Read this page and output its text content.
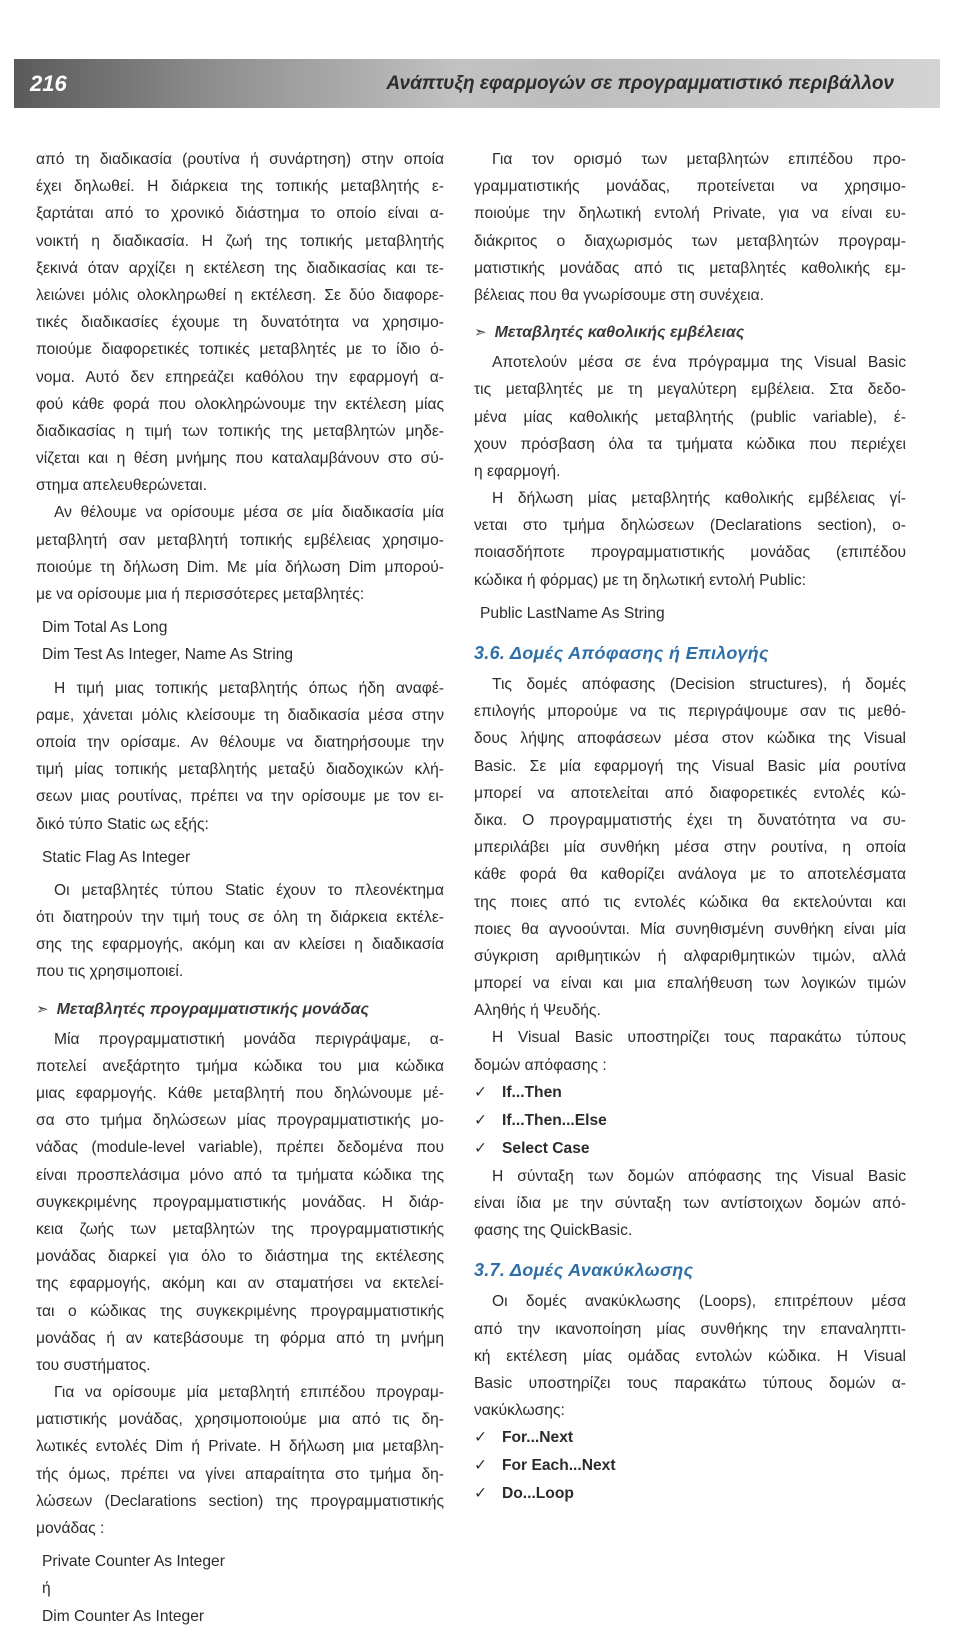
216	Ανάπτυξη εφαρμογών σε προγραμματιστικό περιβάλλον
από τη διαδικασία (ρουτίνα ή συνάρτηση) στην οποία
έχει δηλωθεί. Η διάρκεια της τοπικής μεταβλητής ε-
ξαρτάται από το χρονικό διάστημα το οποίο είναι α-
νοικτή η διαδικασία. Η ζωή της τοπικής μεταβλητής
ξεκινά όταν αρχίζει η εκτέλεση της διαδικασίας και τε-
λειώνει μόλις ολοκληρωθεί η εκτέλεση. Σε δύο διαφορε-
τικές διαδικασίες έχουμε τη δυνατότητα να χρησιμο-
ποιούμε διαφορετικές τοπικές μεταβλητές με το ίδιο ό-
νομα. Αυτό δεν επηρεάζει καθόλου την εφαρμογή α-
φού κάθε φορά που ολοκληρώνουμε την εκτέλεση μίας
διαδικασίας η τιμή των τοπικής της μεταβλητών μηδε-
νίζεται και η θέση μνήμης που καταλαμβάνουν στο σύ-
στημα απελευθερώνεται.
Αν θέλουμε να ορίσουμε μέσα σε μία διαδικασία μία
μεταβλητή σαν μεταβλητή τοπικής εμβέλειας χρησιμο-
ποιούμε τη δήλωση Dim. Με μία δήλωση Dim μπορού-
με να ορίσουμε μια ή περισσότερες μεταβλητές:
Dim Total As Long
Dim Test As Integer, Name As String
Η τιμή μιας τοπικής μεταβλητής όπως ήδη αναφέ-
ραμε, χάνεται μόλις κλείσουμε τη διαδικασία μέσα στην
οποία την ορίσαμε. Αν θέλουμε να διατηρήσουμε την
τιμή μίας τοπικής μεταβλητής μεταξύ διαδοχικών κλή-
σεων μιας ρουτίνας, πρέπει να την ορίσουμε με τον ει-
δικό τύπο Static ως εξής:
Static Flag As Integer
Οι μεταβλητές τύπου Static έχουν το πλεονέκτημα
ότι διατηρούν την τιμή τους σε όλη τη διάρκεια εκτέλε-
σης της εφαρμογής, ακόμη και αν κλείσει η διαδικασία
που τις χρησιμοποιεί.
➣ Μεταβλητές προγραμματιστικής μονάδας
Μία προγραμματιστική μονάδα περιγράψαμε, α-
ποτελεί ανεξάρτητο τμήμα κώδικα του μια κώδικα
μιας εφαρμογής. Κάθε μεταβλητή που δηλώνουμε μέ-
σα στο τμήμα δηλώσεων μίας προγραμματιστικής μο-
νάδας (module-level variable), πρέπει δεδομένα που
είναι προσπελάσιμα μόνο από τα τμήματα κώδικα της
συγκεκριμένης προγραμματιστικής μονάδας. Η διάρ-
κεια ζωής των μεταβλητών της προγραμματιστικής
μονάδας διαρκεί για όλο το διάστημα της εκτέλεσης
της εφαρμογής, ακόμη και αν σταματήσει να εκτελεί-
ται ο κώδικας της συγκεκριμένης προγραμματιστικής
μονάδας ή αν κατεβάσουμε τη φόρμα από τη μνήμη
του συστήματος.
Για να ορίσουμε μία μεταβλητή επιπέδου προγραμ-
ματιστικής μονάδας, χρησιμοποιούμε μια από τις δη-
λωτικές εντολές Dim ή Private. Η δήλωση μια μεταβλη-
τής όμως, πρέπει να γίνει απαραίτητα στο τμήμα δη-
λώσεων (Declarations section) της προγραμματιστικής
μονάδας :
Private Counter As Integer
ή
Dim Counter As Integer
Για τον ορισμό των μεταβλητών επιπέδου προ-
γραμματιστικής μονάδας, προτείνεται να χρησιμο-
ποιούμε την δηλωτική εντολή Private, για να είναι ευ-
διάκριτος ο διαχωρισμός των μεταβλητών προγραμ-
ματιστικής μονάδας από τις μεταβλητές καθολικής εμ-
βέλειας που θα γνωρίσουμε στη συνέχεια.
➣ Μεταβλητές καθολικής εμβέλειας
Αποτελούν μέσα σε ένα πρόγραμμα της Visual Basic
τις μεταβλητές με τη μεγαλύτερη εμβέλεια. Στα δεδο-
μένα μίας καθολικής μεταβλητής (public variable), έ-
χουν πρόσβαση όλα τα τμήματα κώδικα που περιέχει
η εφαρμογή.
Η δήλωση μίας μεταβλητής καθολικής εμβέλειας γί-
νεται στο τμήμα δηλώσεων (Declarations section), ο-
ποιασδήποτε προγραμματιστικής μονάδας (επιπέδου
κώδικα ή φόρμας) με τη δηλωτική εντολή Public:
Public LastName As String
3.6. Δομές Απόφασης ή Επιλογής
Τις δομές απόφασης (Decision structures), ή δομές
επιλογής μπορούμε να τις περιγράψουμε σαν τις μεθό-
δους λήψης αποφάσεων μέσα στον κώδικα της Visual
Basic. Σε μία εφαρμογή της Visual Basic μία ρουτίνα
μπορεί να αποτελείται από διαφορετικές εντολές κώ-
δικα. Ο προγραμματιστής έχει τη δυνατότητα να συ-
μπεριλάβει μία συνθήκη μέσα στην ρουτίνα, η οποία
κάθε φορά θα καθορίζει ανάλογα με το αποτελέσματα
της ποιες από τις εντολές κώδικα θα εκτελούνται και
ποιες θα αγνοούνται. Μία συνηθισμένη συνθήκη είναι μία
σύγκριση αριθμητικών ή αλφαριθμητικών τιμών, αλλά
μπορεί να είναι και μια επαλήθευση των λογικών τιμών
Αληθής ή Ψευδής.
Η Visual Basic υποστηρίζει τους παρακάτω τύπους
δομών απόφασης :
✓ If...Then
✓ If...Then...Else
✓ Select Case
Η σύνταξη των δομών απόφασης της Visual Basic
είναι ίδια με την σύνταξη των αντίστοιχων δομών από-
φασης της QuickBasic.
3.7. Δομές Ανακύκλωσης
Οι δομές ανακύκλωσης (Loops), επιτρέπουν μέσα
από την ικανοποίηση μίας συνθήκης την επαναληπτι-
κή εκτέλεση μίας ομάδας εντολών κώδικα. Η Visual
Basic υποστηρίζει τους παρακάτω τύπους δομών α-
νακύκλωσης:
✓ For...Next
✓ For Each...Next
✓ Do...Loop
